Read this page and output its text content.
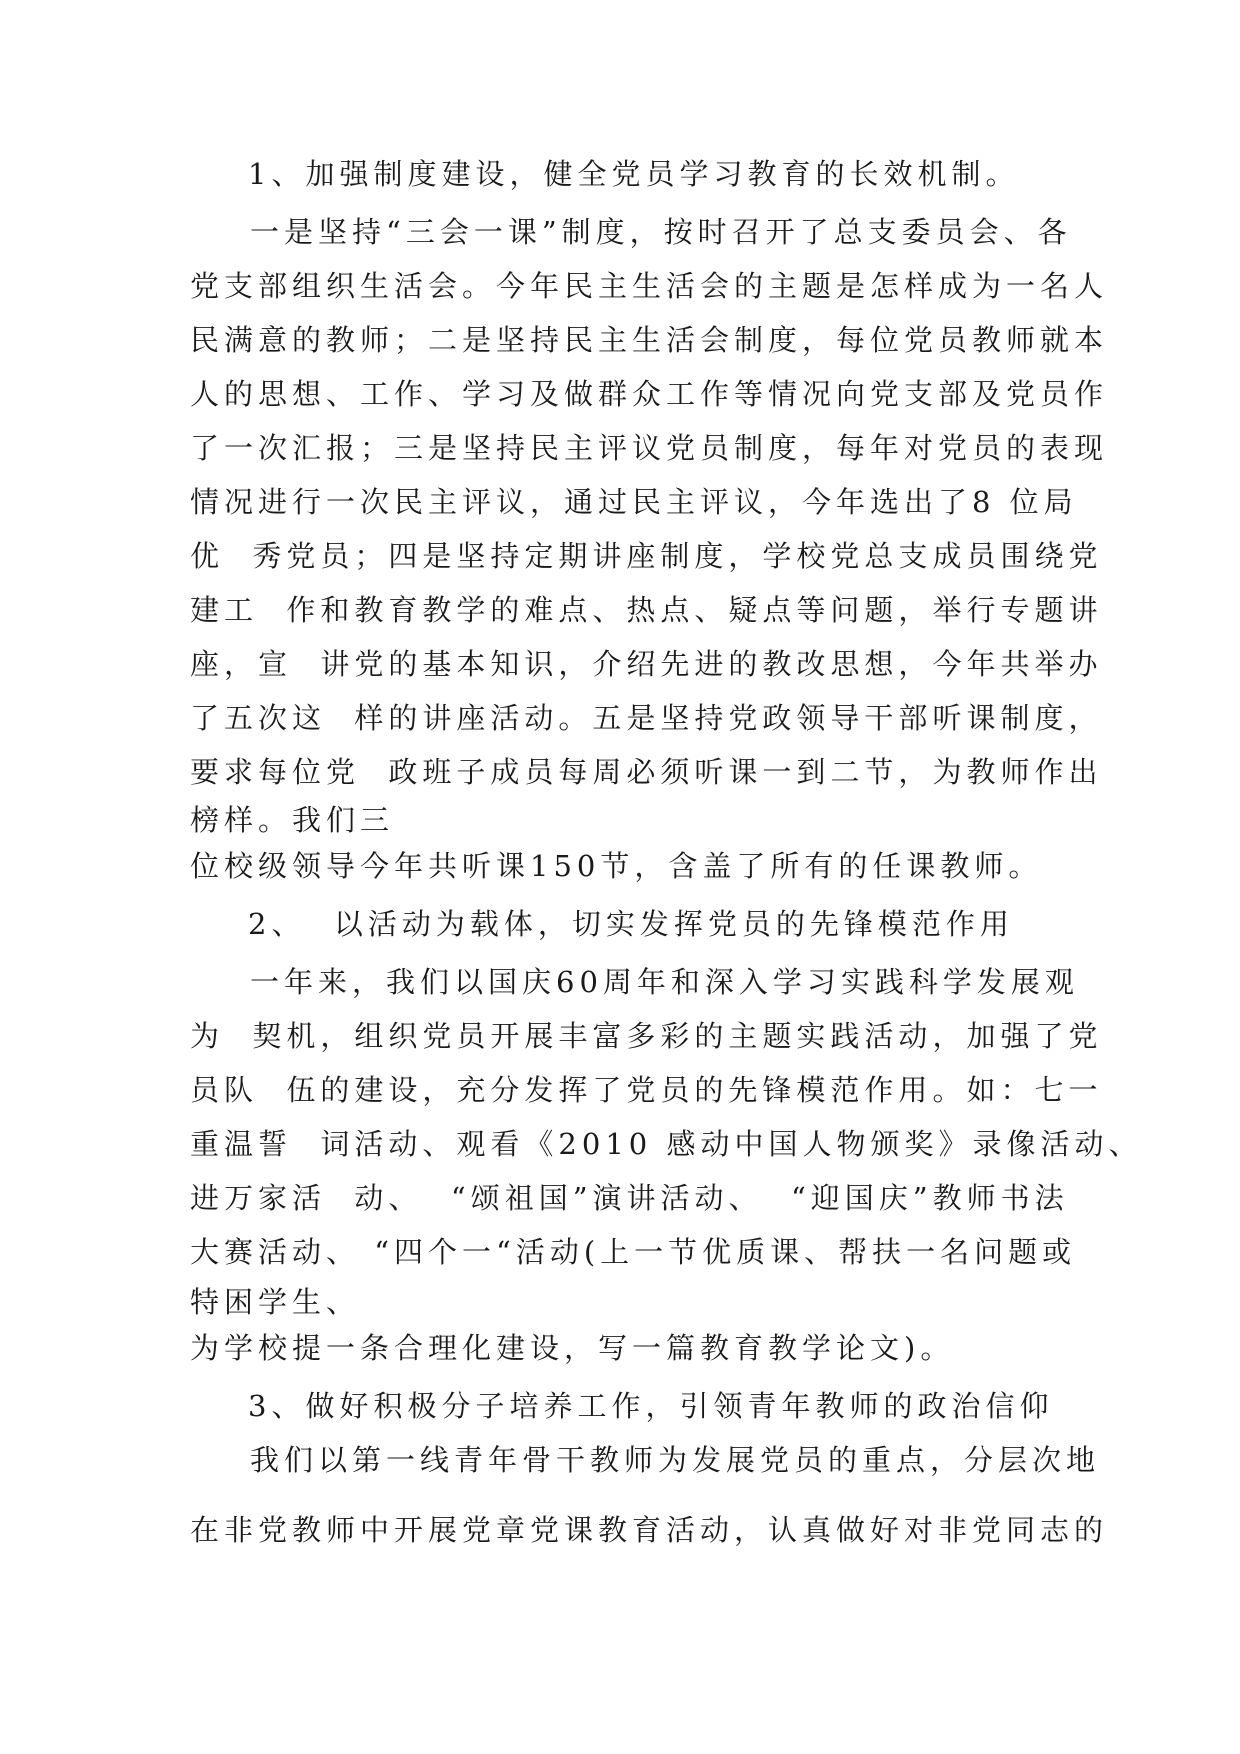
1、加强制度建设，健全党员学习教育的长效机制。

一是坚持“三会一课”制度，按时召开了总支委员会、各

党支部组织生活会。今年民主生活会的主题是怎样成为一名人

民满意的教师；二是坚持民主生活会制度，每位党员教师就本

人的思想、工作、学习及做群众工作等情况向党支部及党员作

了一次汇报；三是坚持民主评议党员制度，每年对党员的表现

情况进行一次民主评议，通过民主评议，今年选出了8 位局

优  秀党员；四是坚持定期讲座制度，学校党总支成员围绕党

建工  作和教育教学的难点、热点、疑点等问题，举行专题讲

座，宣  讲党的基本知识，介绍先进的教改思想，今年共举办

了五次这  样的讲座活动。五是坚持党政领导干部听课制度，

要求每位党  政班子成员每周必须听课一到二节，为教师作出

榜样。我们三

位校级领导今年共听课150节，含盖了所有的任课教师。

2、  以活动为载体，切实发挥党员的先锋模范作用

一年来，我们以国庆60周年和深入学习实践科学发展观

为  契机，组织党员开展丰富多彩的主题实践活动，加强了党

员队  伍的建设，充分发挥了党员的先锋模范作用。如：七一

重温誓  词活动、观看《2010 感动中国人物颁奖》录像活动、

进万家活  动、  “颂祖国”演讲活动、  “迎国庆”教师书法

大赛活动、 “四个一“活动(上一节优质课、帮扶一名问题或

特困学生、

为学校提一条合理化建设，写一篇教育教学论文)。

3、做好积极分子培养工作，引领青年教师的政治信仰

我们以第一线青年骨干教师为发展党员的重点，分层次地

在非党教师中开展党章党课教育活动，认真做好对非党同志的
